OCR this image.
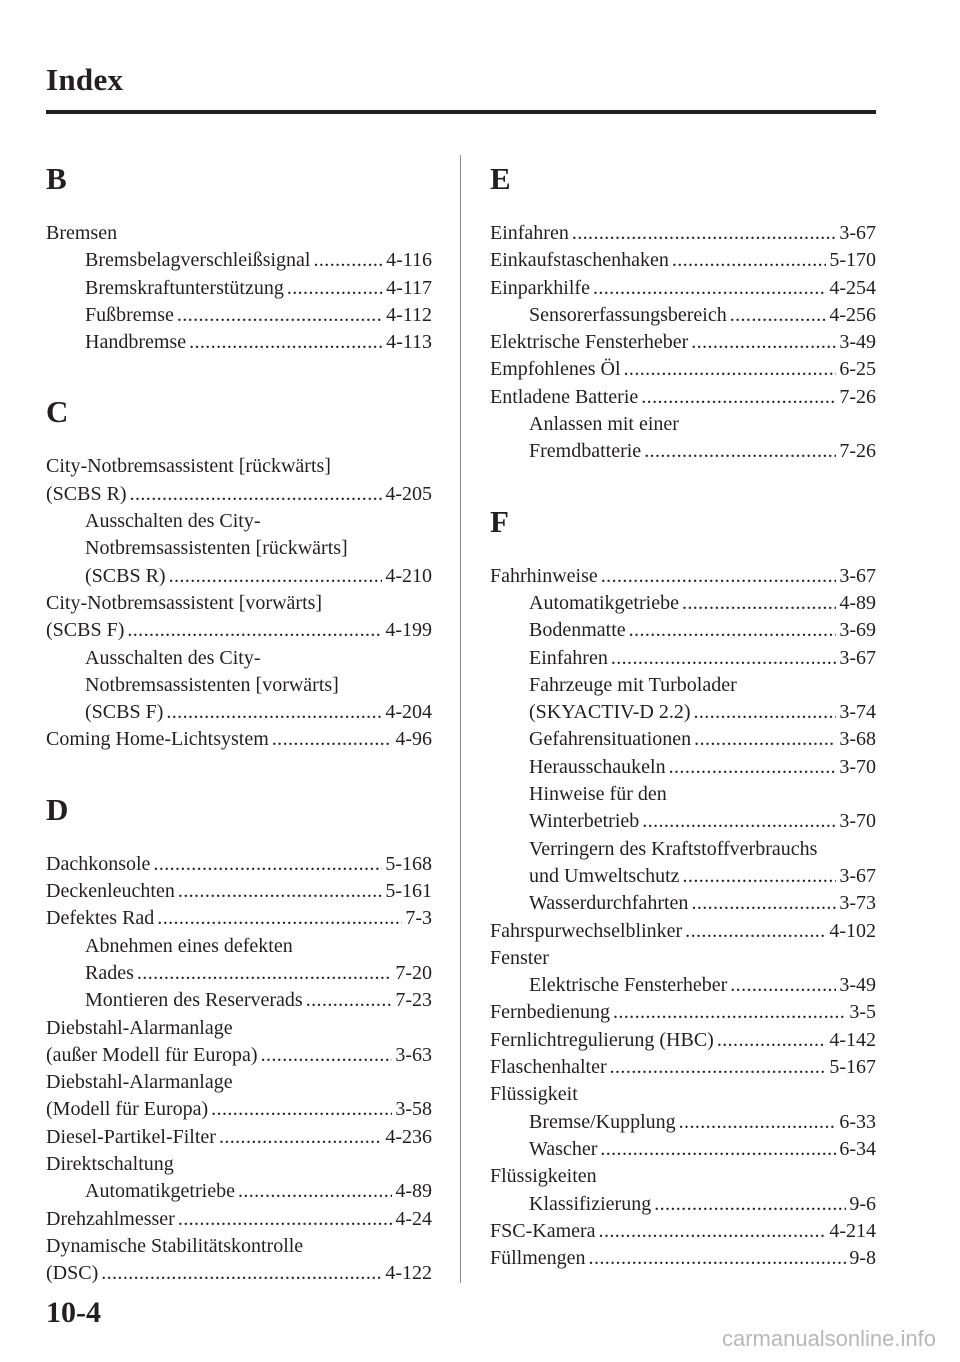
Index
B
Bremsen
Bremsbelagverschleißsignal .....	4-116
Bremskraftunterstützung .....	4-117
Fußbremse .....	4-112
Handbremse .....	4-113
C
City-Notbremsassistent [rückwärts]
(SCBS R) .....	4-205
Ausschalten des City-
Notbremsassistenten [rückwärts]
(SCBS R) .....	4-210
City-Notbremsassistent [vorwärts]
(SCBS F) .....	4-199
Ausschalten des City-
Notbremsassistenten [vorwärts]
(SCBS F) .....	4-204
Coming Home-Lichtsystem .....	4-96
D
Dachkonsole .....	5-168
Deckenleuchten .....	5-161
Defektes Rad .....	7-3
Abnehmen eines defekten
Rades .....	7-20
Montieren des Reserverads .....	7-23
Diebstahl-Alarmanlage
(außer Modell für Europa) .....	3-63
Diebstahl-Alarmanlage
(Modell für Europa) .....	3-58
Diesel-Partikel-Filter .....	4-236
Direktschaltung
Automatikgetriebe .....	4-89
Drehzahlmesser .....	4-24
Dynamische Stabilitätskontrolle
(DSC) .....	4-122
E
Einfahren .....	3-67
Einkaufstaschenhaken .....	5-170
Einparkhilfe .....	4-254
Sensorerfassungsbereich .....	4-256
Elektrische Fensterheber .....	3-49
Empfohlenes Öl .....	6-25
Entladene Batterie .....	7-26
Anlassen mit einer
Fremdbatterie .....	7-26
F
Fahrhinweise .....	3-67
Automatikgetriebe .....	4-89
Bodenmatte .....	3-69
Einfahren .....	3-67
Fahrzeuge mit Turbolader
(SKYACTIV-D 2.2) .....	3-74
Gefahrensituationen .....	3-68
Herausschaukeln .....	3-70
Hinweise für den
Winterbetrieb .....	3-70
Verringern des Kraftstoffverbrauchs
und Umweltschutz .....	3-67
Wasserdurchfahrten .....	3-73
Fahrspurwechselblinker .....	4-102
Fenster
Elektrische Fensterheber .....	3-49
Fernbedienung .....	3-5
Fernlichtregulierung (HBC) .....	4-142
Flaschenhalter .....	5-167
Flüssigkeit
Bremse/Kupplung .....	6-33
Wascher .....	6-34
Flüssigkeiten
Klassifizierung .....	9-6
FSC-Kamera .....	4-214
Füllmengen .....	9-8
10-4
carmanualsonline.info
